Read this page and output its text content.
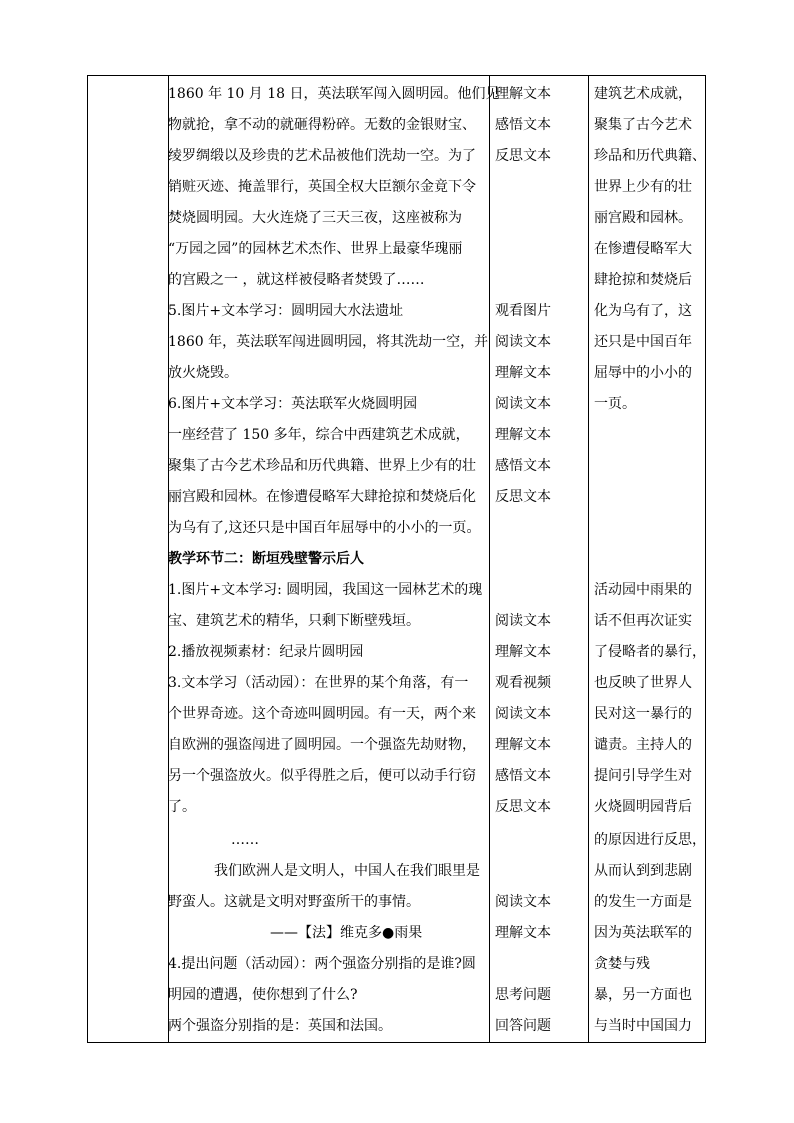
1860 年 10 月 18 日，英法联军闯入圆明园。他们见
物就抢，拿不动的就砸得粉碎。无数的金银财宝、
绫罗绸缎以及珍贵的艺术品被他们洗劫一空。为了
销赃灭迹、掩盖罪行，英国全权大臣额尔金竟下令
焚烧圆明园。大火连烧了三天三夜，这座被称为
“万园之园”的园林艺术杰作、世界上最豪华瑰丽
的宫殿之一 ，就这样被侵略者焚毁了……
5.图片+文本学习：圆明园大水法遗址
1860 年，英法联军闯进圆明园，将其洗劫一空，并
放火烧毁。
6.图片+文本学习：英法联军火烧圆明园
一座经营了 150 多年，综合中西建筑艺术成就，
聚集了古今艺术珍品和历代典籍、世界上少有的壮
丽宫殿和园林。在惨遭侵略军大肆抢掠和焚烧后化
为乌有了,这还只是中国百年屈辱中的小小的一页。
教学环节二：断垣残壁警示后人
1.图片+文本学习: 圆明园，我国这一园林艺术的瑰
宝、建筑艺术的精华，只剩下断壁残垣。
2.播放视频素材：纪录片圆明园
3.文本学习（活动园）：在世界的某个角落，有一
个世界奇迹。这个奇迹叫圆明园。有一天，两个来
自欧洲的强盗闯进了圆明园。一个强盗先劫财物，
另一个强盗放火。似乎得胜之后，便可以动手行窃
了。
……
我们欧洲人是文明人，中国人在我们眼里是
野蛮人。这就是文明对野蛮所干的事情。
——【法】维克多●雨果
4.提出问题（活动园）：两个强盗分别指的是谁?圆
明园的遭遇，使你想到了什么?
两个强盗分别指的是：英国和法国。
理解文本
感悟文本
反思文本
观看图片
阅读文本
理解文本
阅读文本
理解文本
感悟文本
反思文本
阅读文本
理解文本
观看视频
阅读文本
理解文本
感悟文本
反思文本
阅读文本
理解文本
思考问题
回答问题
建筑艺术成就，
聚集了古今艺术
珍品和历代典籍、
世界上少有的壮
丽宫殿和园林。
在惨遭侵略军大
肆抢掠和焚烧后
化为乌有了，这
还只是中国百年
屈辱中的小小的
一页。
活动园中雨果的
话不但再次证实
了侵略者的暴行，
也反映了世界人
民对这一暴行的
谴责。主持人的
提问引导学生对
火烧圆明园背后
的原因进行反思，
从而认到到悲剧
的发生一方面是
因为英法联军的
贪婪与残
暴，另一方面也
与当时中国国力
